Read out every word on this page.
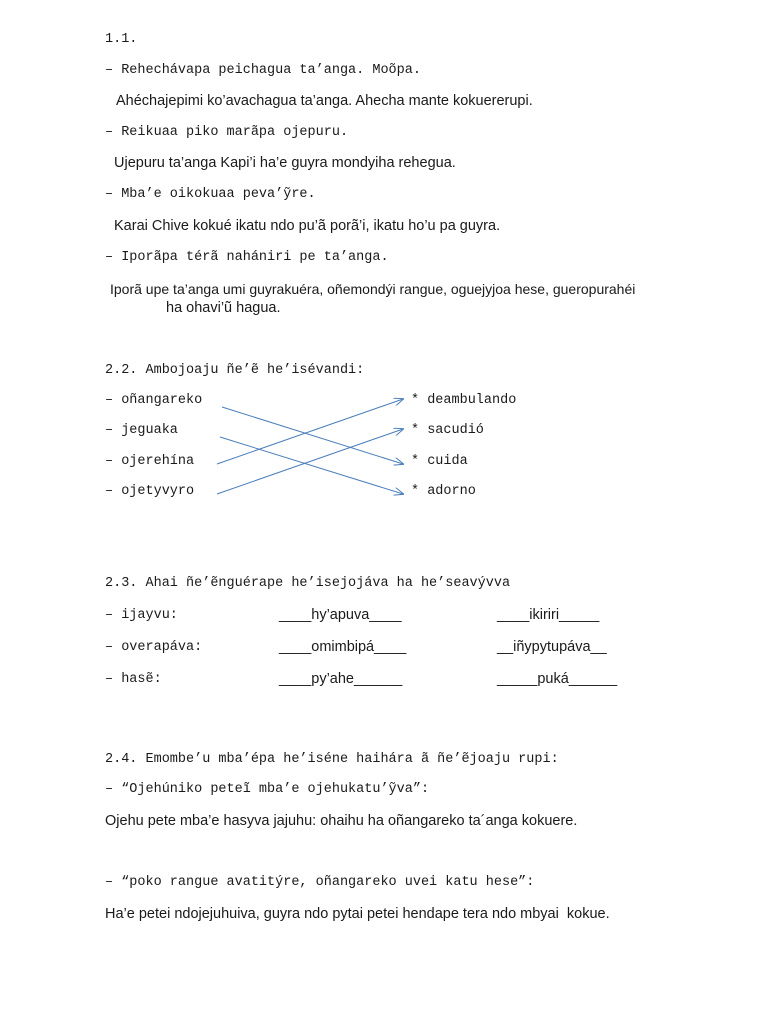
1.1.
– Rehechávapa peichagua ta’anga. Moõpa.
Ahéchajepimi ko’avachagua ta’anga. Ahecha mante kokuererupi.
– Reikuaa piko marãpa ojepuru.
Ujepuru ta’anga Kapi’i ha’e guyra mondyiha rehegua.
– Mba’e oikokuaa peva’ỹre.
Karai Chive kokué ikatu ndo pu’ã porã’i, ikatu ho’u pa guyra.
– Iporãpa térã nahániri pe ta’anga.
Iporã upe ta’anga umi guyrakuéra, oñemondýi rangue, oguejyjoa hese, gueropurahéi
ha ohavi’ũ hagua.
2.2. Ambojoaju ñe’ẽ he’isévandi:
– oñangareko
– jeguaka
– ojerehína
– ojetyvyro
* deambulando
* sacudió
* cuida
* adorno
2.3. Ahai ñe’ẽnguérape he’isejojáva ha he’seavývva
– ijayvu:	____hy’apuva____	____ikiriri_____
– overapáva:	____omimbipá____	__iñypytupáva__
– hasẽ:	____py’ahe______	_____puká______
2.4. Emombe’u mba’épa he’iséne haihára ã ñe’ẽjoaju rupi:
– “Ojehúniko peteĩ mba’e ojehukatu’ỹva”:
Ojehu pete mba’e hasyva jajuhu: ohaihu ha oñangareko ta´anga kokuere.
– “poko rangue avatitýre, oñangareko uvei katu hese”:
Ha’e petei ndojejuhuiva, guyra ndo pytai petei hendape tera ndo mbyai  kokue.
